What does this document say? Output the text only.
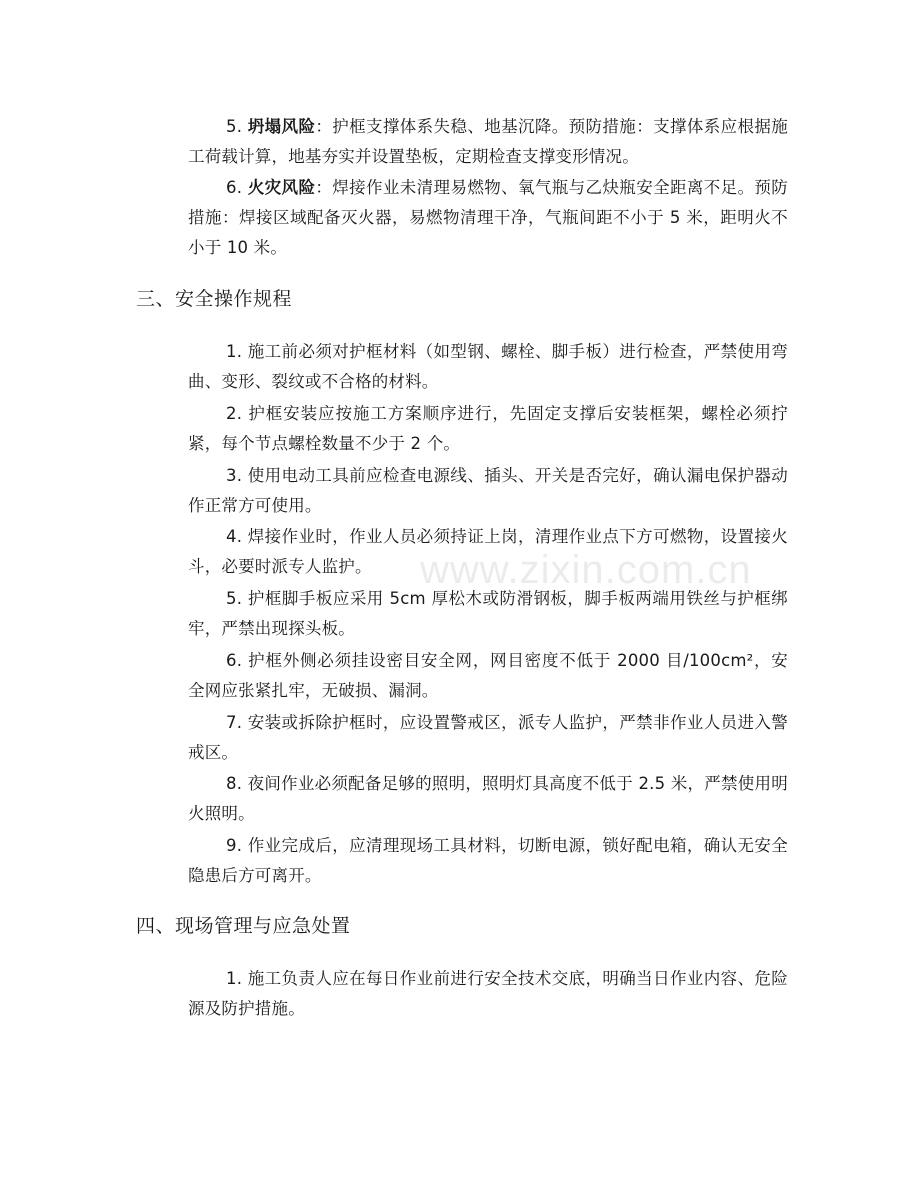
5. 坍塌风险：护框支撑体系失稳、地基沉降。预防措施：支撑体系应根据施工荷载计算，地基夯实并设置垫板，定期检查支撑变形情况。

6. 火灾风险：焊接作业未清理易燃物、氧气瓶与乙炔瓶安全距离不足。预防措施：焊接区域配备灭火器，易燃物清理干净，气瓶间距不小于 5 米，距明火不小于 10 米。

三、安全操作规程

1. 施工前必须对护框材料（如型钢、螺栓、脚手板）进行检查，严禁使用弯曲、变形、裂纹或不合格的材料。

2. 护框安装应按施工方案顺序进行，先固定支撑后安装框架，螺栓必须拧紧，每个节点螺栓数量不少于 2 个。

3. 使用电动工具前应检查电源线、插头、开关是否完好，确认漏电保护器动作正常方可使用。

4. 焊接作业时，作业人员必须持证上岗，清理作业点下方可燃物，设置接火斗，必要时派专人监护。

5. 护框脚手板应采用 5cm 厚松木或防滑钢板，脚手板两端用铁丝与护框绑牢，严禁出现探头板。

6. 护框外侧必须挂设密目安全网，网目密度不低于 2000 目/100cm²，安全网应张紧扎牢，无破损、漏洞。

7. 安装或拆除护框时，应设置警戒区，派专人监护，严禁非作业人员进入警戒区。

8. 夜间作业必须配备足够的照明，照明灯具高度不低于 2.5 米，严禁使用明火照明。

9. 作业完成后，应清理现场工具材料，切断电源，锁好配电箱，确认无安全隐患后方可离开。

四、现场管理与应急处置

1. 施工负责人应在每日作业前进行安全技术交底，明确当日作业内容、危险源及防护措施。

www.zixin.com.cn
